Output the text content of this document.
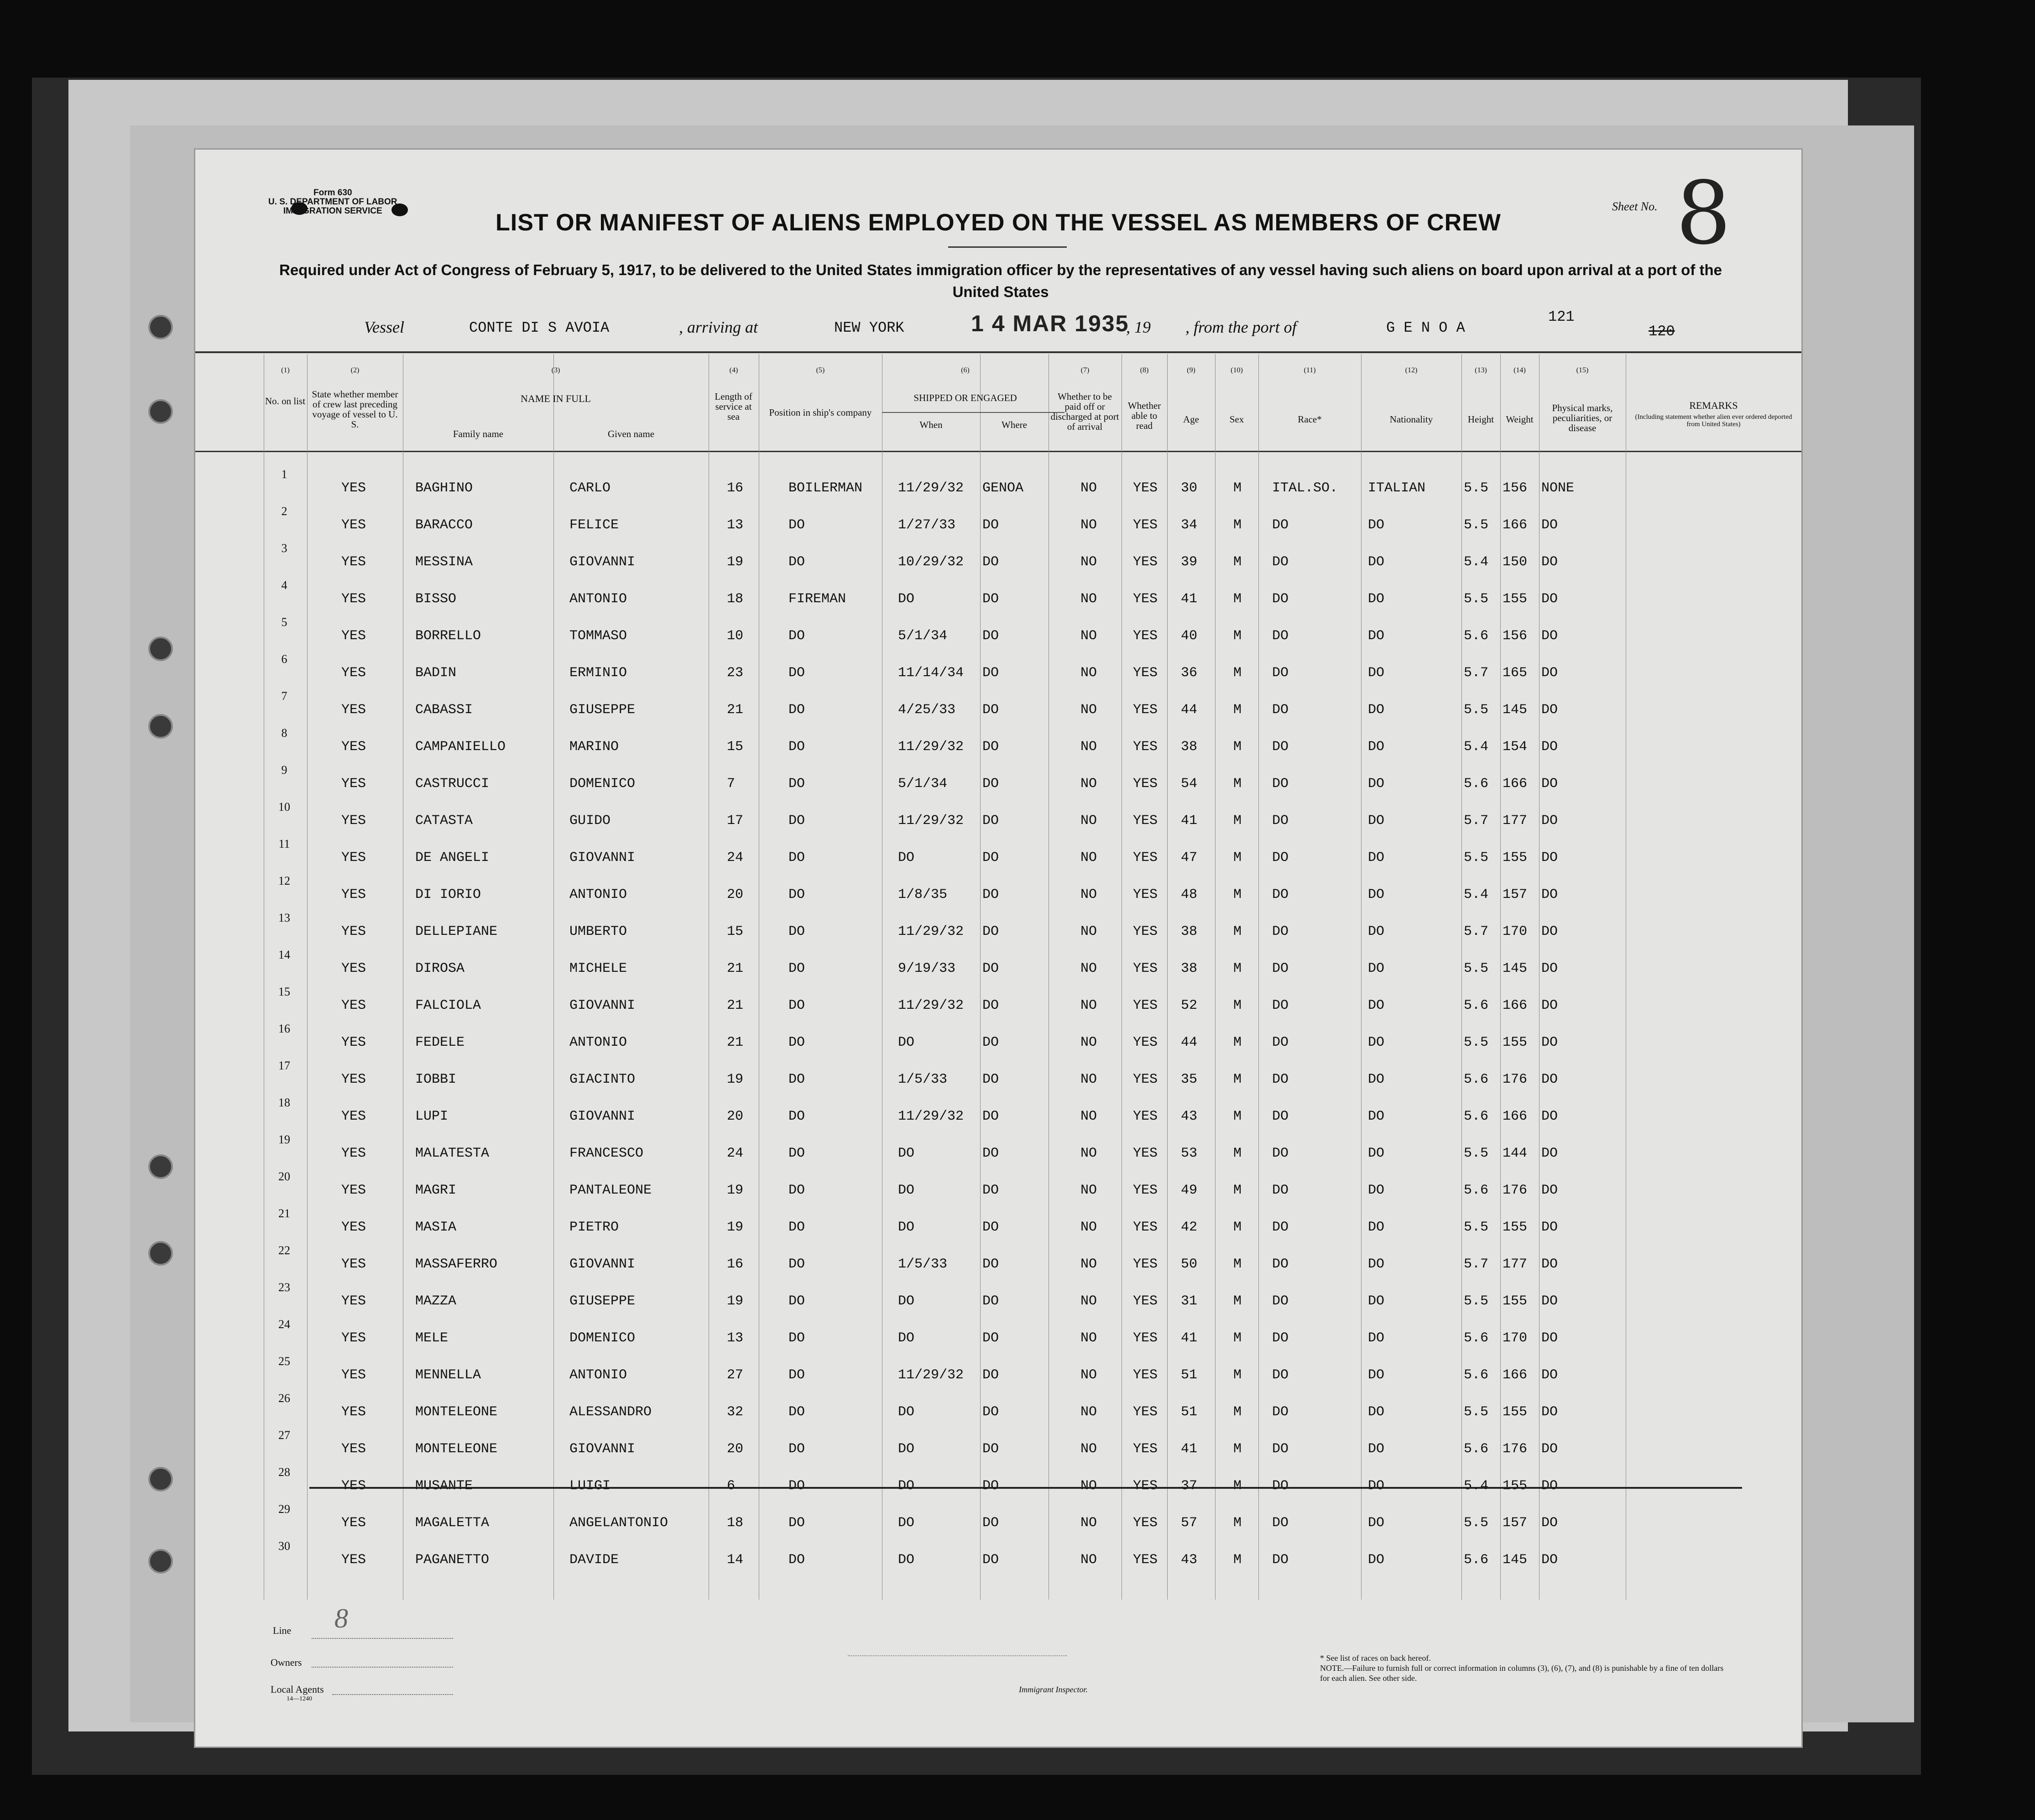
Form 630
U. S. DEPARTMENT OF LABOR
IMMIGRATION SERVICE	Sheet No. 8
LIST OR MANIFEST OF ALIENS EMPLOYED ON THE VESSEL AS MEMBERS OF CREW
Required under Act of Congress of February 5, 1917, to be delivered to the United States immigration officer by the representatives of any vessel having such aliens on board upon arrival at a port of the United States
Vessel	CONTE DI S AVOIA	, arriving at	NEW YORK	1 4 MAR 1935
, 19 , from the port of	G E N O A
121
120
(1)	(2)	(3)	(4)	(5)	(6)	(7)	(8)	(9)	(10)	(11)	(12)	(13)	(14)	(15)
No. on list
State whether member of crew last preceding voyage of vessel to U. S.
NAME IN FULL
Family name	Given name
Length of service at sea	Position in ship's company
SHIPPED OR ENGAGED
When	Where
Whether to be paid off or discharged at port of arrival
Whether able to read
Age	Sex	Race*	Nationality	Height	Weight
Physical marks, peculiarities, or disease
REMARKS
(Including statement whether alien ever ordered deported from United States)
1
YES	BAGHINO	CARLO	16	BOILERMAN	11/29/32 GENOA	NO	YES 30	M ITAL.SO. ITALIAN	5.5 156 NONE
2
YES	BARACCO	FELICE	13	DO	1/27/33 DO	NO	YES 34	M DO	DO	5.5 166 DO
3
YES	MESSINA	GIOVANNI	19	DO	10/29/32 DO	NO	YES 39	M DO	DO	5.4 150 DO
4
YES	BISSO	ANTONIO	18	FIREMAN	DO	DO	NO	YES 41	M DO	DO	5.5 155 DO
5
YES	BORRELLO	TOMMASO	10	DO	5/1/34	DO	NO	YES 40	M DO	DO	5.6 156 DO
6
YES	BADIN	ERMINIO	23	DO	11/14/34 DO	NO	YES 36	M DO	DO	5.7 165 DO
7
YES	CABASSI	GIUSEPPE	21	DO	4/25/33 DO	NO	YES 44	M DO	DO	5.5 145 DO
8
YES	CAMPANIELLO	MARINO	15	DO	11/29/32 DO	NO	YES 38	M DO	DO	5.4 154 DO
9
YES	CASTRUCCI	DOMENICO	7	DO	5/1/34	DO	NO	YES 54	M DO	DO	5.6 166 DO
10
YES	CATASTA	GUIDO	17	DO	11/29/32 DO	NO	YES 41	M DO	DO	5.7 177 DO
11
YES	DE ANGELI	GIOVANNI	24	DO	DO	DO	NO	YES 47	M DO	DO	5.5 155 DO
12
YES	DI IORIO	ANTONIO	20	DO	1/8/35	DO	NO	YES 48	M DO	DO	5.4 157 DO
13
YES	DELLEPIANE	UMBERTO	15	DO	11/29/32 DO	NO	YES 38	M DO	DO	5.7 170 DO
14
YES	DIROSA	MICHELE	21	DO	9/19/33 DO	NO	YES 38	M DO	DO	5.5 145 DO
15
YES	FALCIOLA	GIOVANNI	21	DO	11/29/32 DO	NO	YES 52	M DO	DO	5.6 166 DO
16
YES	FEDELE	ANTONIO	21	DO	DO	DO	NO	YES 44	M DO	DO	5.5 155 DO
17
YES	IOBBI	GIACINTO	19	DO	1/5/33	DO	NO	YES 35	M DO	DO	5.6 176 DO
18
YES	LUPI	GIOVANNI	20	DO	11/29/32 DO	NO	YES 43	M DO	DO	5.6 166 DO
19
YES	MALATESTA	FRANCESCO	24	DO	DO	DO	NO	YES 53	M DO	DO	5.5 144 DO
20
YES	MAGRI	PANTALEONE	19	DO	DO	DO	NO	YES 49	M DO	DO	5.6 176 DO
21
YES	MASIA	PIETRO	19	DO	DO	DO	NO	YES 42	M DO	DO	5.5 155 DO
22
YES	MASSAFERRO	GIOVANNI	16	DO	1/5/33	DO	NO	YES 50	M DO	DO	5.7 177 DO
23
YES	MAZZA	GIUSEPPE	19	DO	DO	DO	NO	YES 31	M DO	DO	5.5 155 DO
24
YES	MELE	DOMENICO	13	DO	DO	DO	NO	YES 41	M DO	DO	5.6 170 DO
25
YES	MENNELLA	ANTONIO	27	DO	11/29/32 DO	NO	YES 51	M DO	DO	5.6 166 DO
26
YES	MONTELEONE	ALESSANDRO	32	DO	DO	DO	NO	YES 51	M DO	DO	5.5 155 DO
27
YES	MONTELEONE	GIOVANNI	20	DO	DO	DO	NO	YES 41	M DO	DO	5.6 176 DO
28
YES	MUSANTE	LUIGI	6	DO	DO	DO	NO	YES 37	M DO	DO	5.4 155 DO
29
YES	MAGALETTA	ANGELANTONIO	18	DO	DO	DO	NO	YES 57	M DO	DO	5.5 157 DO
30
YES	PAGANETTO	DAVIDE	14	DO	DO	DO	NO	YES 43	M DO	DO	5.6 145 DO
Line 8
Owners
Local Agents
14—1240
Immigrant Inspector.
* See list of races on back hereof.
NOTE.—Failure to furnish full or correct information in columns (3), (6), (7), and (8) is punishable by a fine of ten dollars for each alien. See other side.
